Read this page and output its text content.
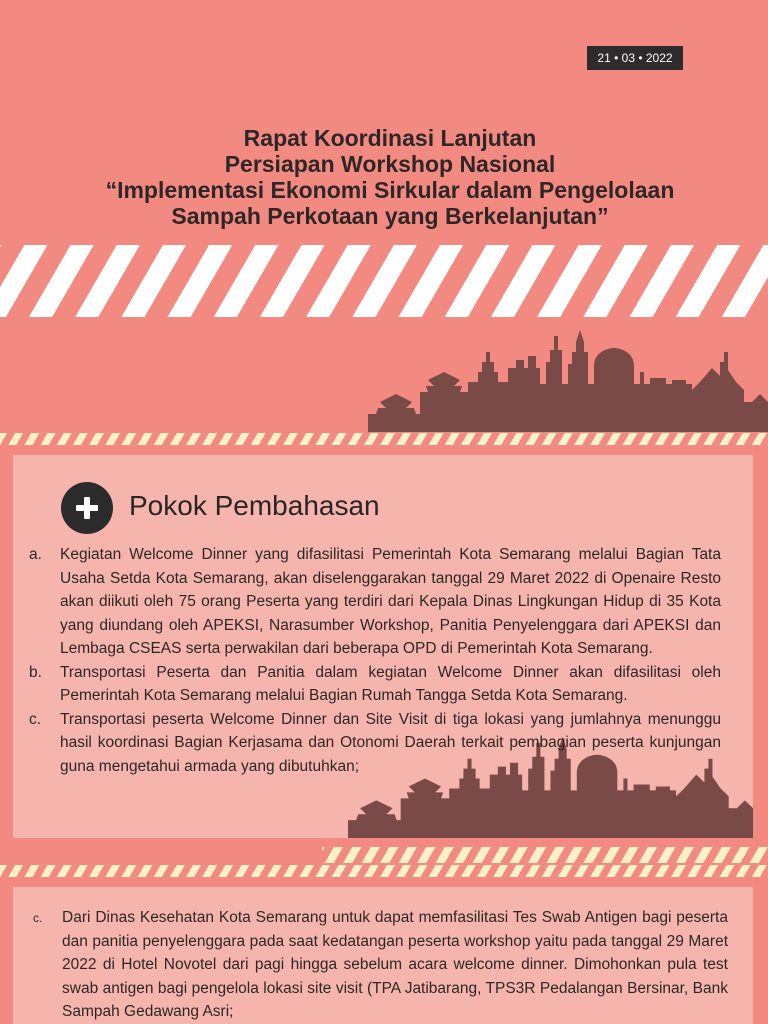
21 • 03 • 2022
Rapat Koordinasi Lanjutan
Persiapan Workshop Nasional
“Implementasi Ekonomi Sirkular dalam Pengelolaan
Sampah Perkotaan yang Berkelanjutan”
Pokok Pembahasan
a. Kegiatan Welcome Dinner yang difasilitasi Pemerintah Kota Semarang melalui Bagian Tata Usaha Setda Kota Semarang, akan diselenggarakan tanggal 29 Maret 2022 di Openaire Resto akan diikuti oleh 75 orang Peserta yang terdiri dari Kepala Dinas Lingkungan Hidup di 35 Kota yang diundang oleh APEKSI, Narasumber Workshop, Panitia Penyelenggara dari APEKSI dan Lembaga CSEAS serta perwakilan dari beberapa OPD di Pemerintah Kota Semarang.
b. Transportasi Peserta dan Panitia dalam kegiatan Welcome Dinner akan difasilitasi oleh Pemerintah Kota Semarang melalui Bagian Rumah Tangga Setda Kota Semarang.
c. Transportasi peserta Welcome Dinner dan Site Visit di tiga lokasi yang jumlahnya menunggu hasil koordinasi Bagian Kerjasama dan Otonomi Daerah terkait pembagian peserta kunjungan guna mengetahui armada yang dibutuhkan;
c. Dari Dinas Kesehatan Kota Semarang untuk dapat memfasilitasi Tes Swab Antigen bagi peserta dan panitia penyelenggara pada saat kedatangan peserta workshop yaitu pada tanggal 29 Maret 2022 di Hotel Novotel dari pagi hingga sebelum acara welcome dinner. Dimohonkan pula test swab antigen bagi pengelola lokasi site visit (TPA Jatibarang, TPS3R Pedalangan Bersinar, Bank Sampah Gedawang Asri;
